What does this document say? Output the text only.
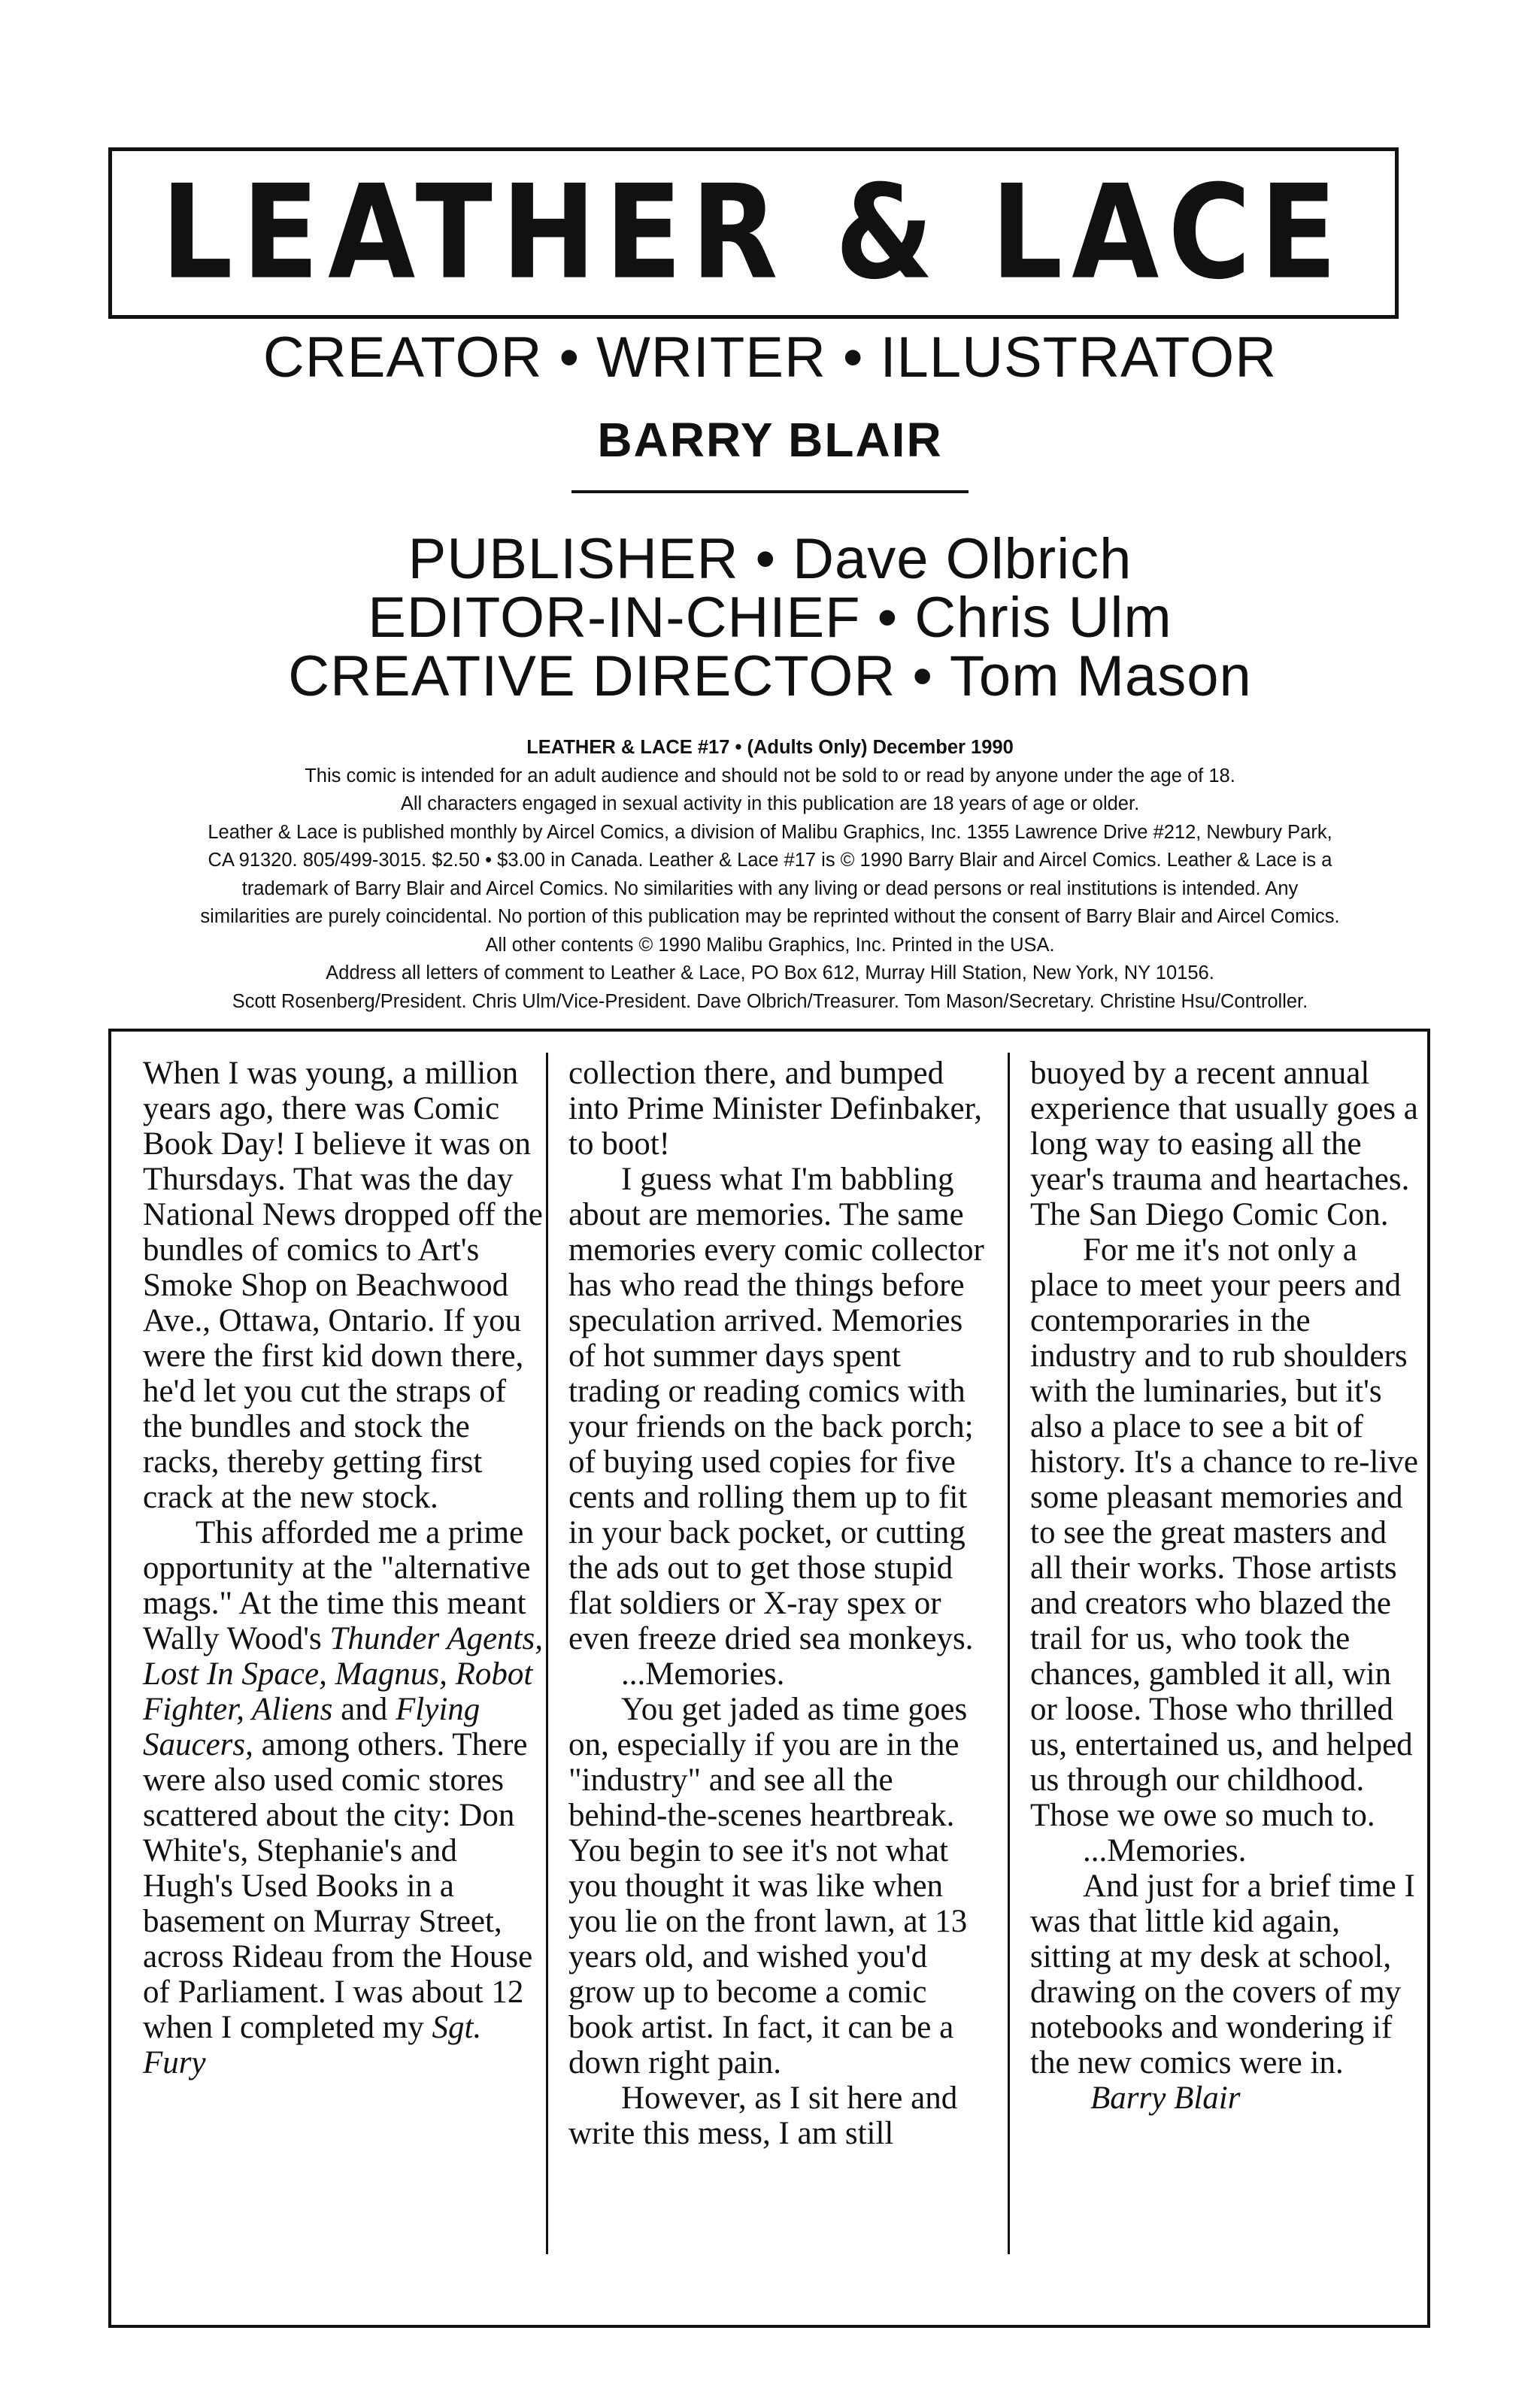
LEATHER & LACE
CREATOR • WRITER • ILLUSTRATOR
BARRY BLAIR
PUBLISHER • Dave Olbrich
EDITOR-IN-CHIEF • Chris Ulm
CREATIVE DIRECTOR • Tom Mason

LEATHER & LACE #17 • (Adults Only) December 1990

This comic is intended for an adult audience and should not be sold to or read by anyone under the age of 18.

All characters engaged in sexual activity in this publication are 18 years of age or older.

Leather & Lace is published monthly by Aircel Comics, a division of Malibu Graphics, Inc. 1355 Lawrence Drive #212, Newbury Park,

CA 91320. 805/499-3015. $2.50 • $3.00 in Canada. Leather & Lace #17 is © 1990 Barry Blair and Aircel Comics. Leather & Lace is a

trademark of Barry Blair and Aircel Comics. No similarities with any living or dead persons or real institutions is intended. Any

similarities are purely coincidental. No portion of this publication may be reprinted without the consent of Barry Blair and Aircel Comics.

All other contents © 1990 Malibu Graphics, Inc. Printed in the USA.

Address all letters of comment to Leather & Lace, PO Box 612, Murray Hill Station, New York, NY 10156.

Scott Rosenberg/President. Chris Ulm/Vice-President. Dave Olbrich/Treasurer. Tom Mason/Secretary. Christine Hsu/Controller.

When I was young, a million years ago, there was Comic Book Day! I believe it was on Thursdays. That was the day National News dropped off the bundles of comics to Art's Smoke Shop on Beachwood Ave., Ottawa, Ontario. If you were the first kid down there, he'd let you cut the straps of the bundles and stock the racks, thereby getting first crack at the new stock.

This afforded me a prime opportunity at the "alternative mags." At the time this meant Wally Wood's Thunder Agents, Lost In Space, Magnus, Robot Fighter, Aliens and Flying Saucers, among others. There were also used comic stores scattered about the city: Don White's, Stephanie's and Hugh's Used Books in a basement on Murray Street, across Rideau from the House of Parliament. I was about 12 when I completed my Sgt. Fury

collection there, and bumped into Prime Minister Definbaker, to boot!

I guess what I'm babbling about are memories. The same memories every comic collector has who read the things before speculation arrived. Memories of hot summer days spent trading or reading comics with your friends on the back porch; of buying used copies for five cents and rolling them up to fit in your back pocket, or cutting the ads out to get those stupid flat soldiers or X-ray spex or even freeze dried sea monkeys.

...Memories.

You get jaded as time goes on, especially if you are in the "industry" and see all the behind-the-scenes heartbreak. You begin to see it's not what you thought it was like when you lie on the front lawn, at 13 years old, and wished you'd grow up to become a comic book artist. In fact, it can be a down right pain.

However, as I sit here and write this mess, I am still

buoyed by a recent annual experience that usually goes a long way to easing all the year's trauma and heartaches. The San Diego Comic Con.

For me it's not only a place to meet your peers and contemporaries in the industry and to rub shoulders with the luminaries, but it's also a place to see a bit of history. It's a chance to re-live some pleasant memories and to see the great masters and all their works. Those artists and creators who blazed the trail for us, who took the chances, gambled it all, win or loose. Those who thrilled us, entertained us, and helped us through our childhood. Those we owe so much to.

...Memories.

And just for a brief time I was that little kid again, sitting at my desk at school, drawing on the covers of my notebooks and wondering if the new comics were in.

Barry Blair
